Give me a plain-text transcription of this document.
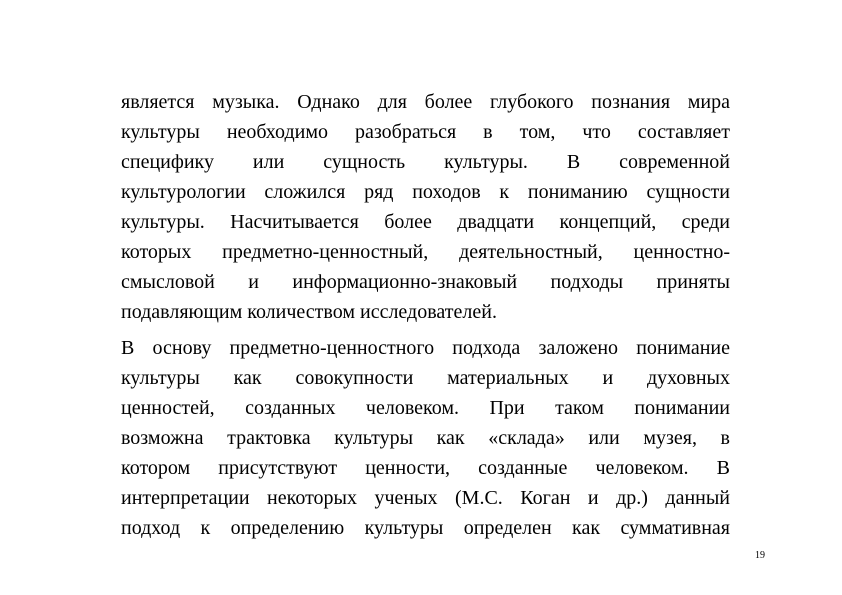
является музыка. Однако для более глубокого познания мира
культуры необходимо разобраться в том, что составляет
специфику или сущность культуры. В современной
культурологии сложился ряд походов к пониманию сущности
культуры. Насчитывается более двадцати концепций, среди
которых предметно-ценностный, деятельностный, ценностно-
смысловой и информационно-знаковый подходы приняты
подавляющим количеством исследователей.

В основу предметно-ценностного подхода заложено понимание
культуры как совокупности материальных и духовных
ценностей, созданных человеком. При таком понимании
возможна трактовка культуры как «склада» или музея, в
котором присутствуют ценности, созданные человеком. В
интерпретации некоторых ученых (М.С. Коган и др.) данный
подход к определению культуры определен как суммативная

19
